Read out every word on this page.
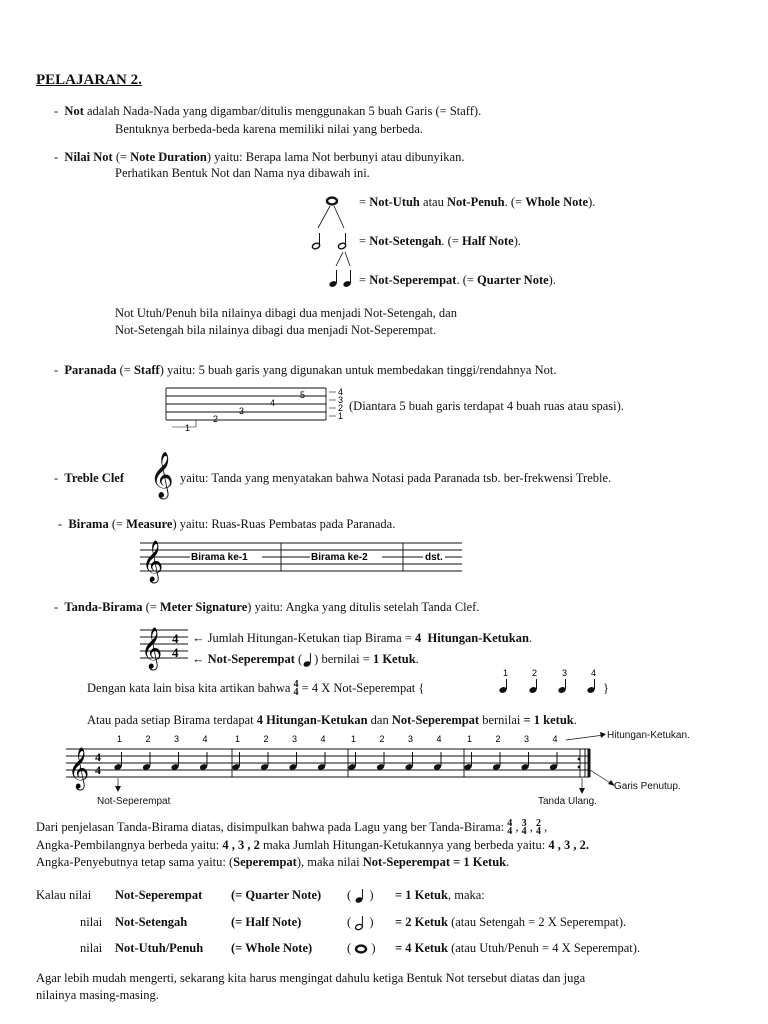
PELAJARAN 2.
-  Not adalah Nada-Nada yang digambar/ditulis menggunakan 5 buah Garis (= Staff).
Bentuknya berbeda-beda karena memiliki nilai yang berbeda.
-  Nilai Not (= Note Duration) yaitu: Berapa lama Not berbunyi atau dibunyikan.
Perhatikan Bentuk Not dan Nama nya dibawah ini.
= Not-Utuh atau Not-Penuh. (= Whole Note).
= Not-Setengah. (= Half Note).
= Not-Seperempat. (= Quarter Note).
Not Utuh/Penuh bila nilainya dibagi dua menjadi Not-Setengah, dan
Not-Setengah bila nilainya dibagi dua menjadi Not-Seperempat.
-  Paranada (= Staff) yaitu: 5 buah garis yang digunakan untuk membedakan tinggi/rendahnya Not.
1
2
3
4
5	4
3
2
1
(Diantara 5 buah garis terdapat 4 buah ruas atau spasi).
-  Treble Clef 𝄞 yaitu: Tanda yang menyatakan bahwa Notasi pada Paranada tsb. ber-frekwensi Treble.
-  Birama (= Measure) yaitu: Ruas-Ruas Pembatas pada Paranada.
𝄞	Birama ke-1	Birama ke-2	dst.
-  Tanda-Birama (= Meter Signature) yaitu: Angka yang ditulis setelah Tanda Clef.
𝄞 4
4
← Jumlah Hitungan-Ketukan tiap Birama = 4 Hitungan-Ketukan.
← Not-Seperempat ( ) bernilai = 1 Ketuk.
Dengan kata lain bisa kita artikan bahwa 4
4 = 4 X Not-Seperempat {
1	2	3	4
}
Atau pada setiap Birama terdapat 4 Hitungan-Ketukan dan Not-Seperempat bernilai = 1 ketuk.
𝄞 4
4
1	2	3	4	1	2	3	4	1	2	3	4	1	2	3	4	Hitungan-Ketukan.
Garis Penutup.
Not-Seperempat	Tanda Ulang.
Dari penjelasan Tanda-Birama diatas, disimpulkan bahwa pada Lagu yang ber Tanda-Birama: 4
4 , 3
4 , 2
4 ,
Angka-Pembilangnya berbeda yaitu: 4 , 3 , 2 maka Jumlah Hitungan-Ketukannya yang berbeda yaitu: 4 , 3 , 2.
Angka-Penyebutnya tetap sama yaitu: (Seperempat), maka nilai Not-Seperempat = 1 Ketuk.
Kalau nilai Not-Seperempat (= Quarter Note) (  ) = 1 Ketuk, maka:
nilai Not-Setengah	(= Half Note)	(  ) = 2 Ketuk (atau Setengah = 2 X Seperempat).
nilai Not-Utuh/Penuh (= Whole Note)	(  ) = 4 Ketuk (atau Utuh/Penuh = 4 X Seperempat).
Agar lebih mudah mengerti, sekarang kita harus mengingat dahulu ketiga Bentuk Not tersebut diatas dan juga
nilainya masing-masing.
